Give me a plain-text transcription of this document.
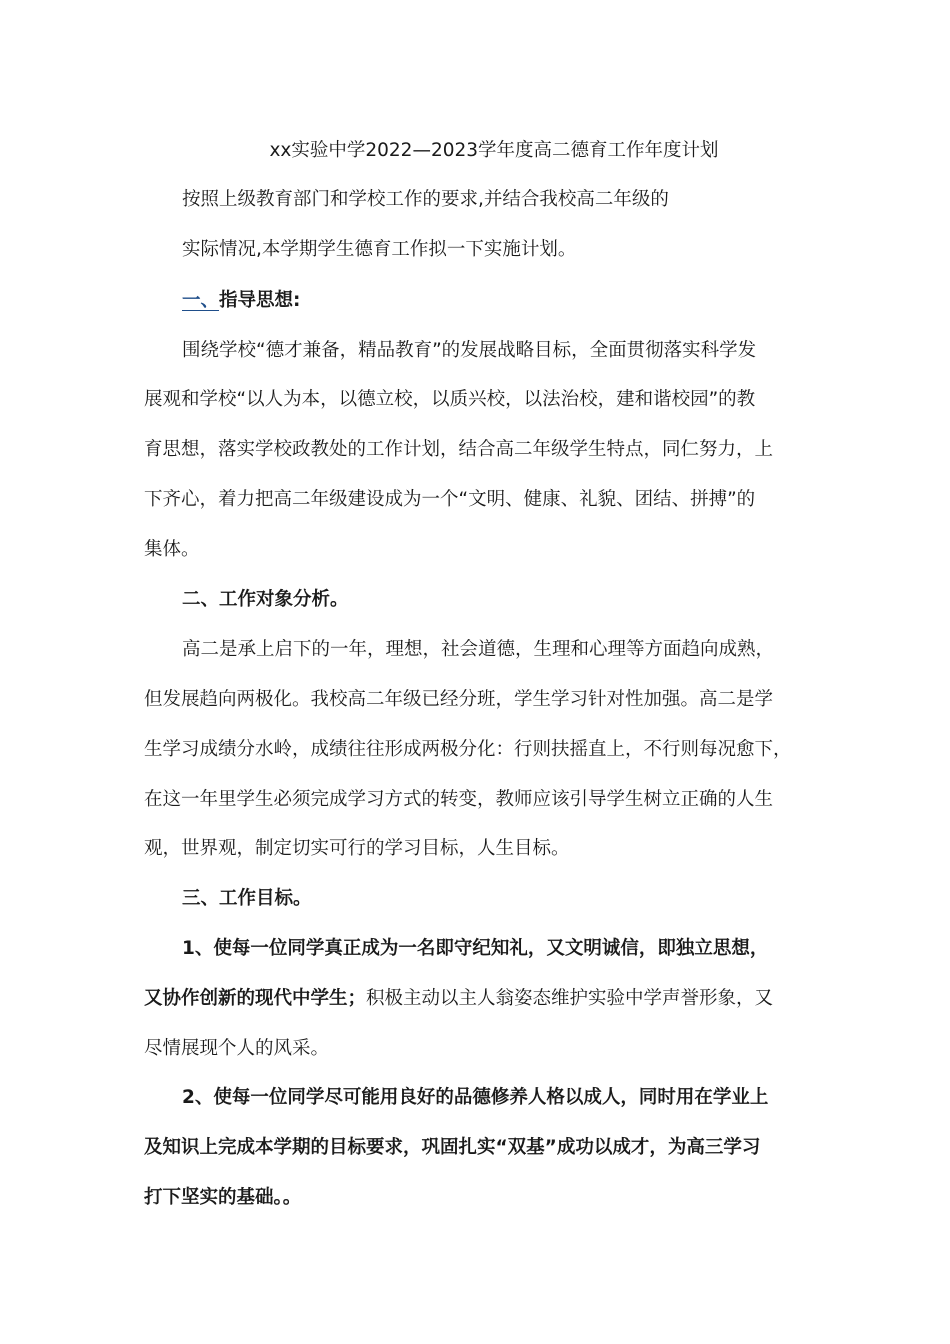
xx实验中学2022—2023学年度高二德育工作年度计划
按照上级教育部门和学校工作的要求,并结合我校高二年级的
实际情况,本学期学生德育工作拟一下实施计划。
一、指导思想:
围绕学校“德才兼备，精品教育”的发展战略目标，全面贯彻落实科学发
展观和学校“以人为本，以德立校，以质兴校，以法治校，建和谐校园”的教
育思想，落实学校政教处的工作计划，结合高二年级学生特点，同仁努力，上
下齐心，着力把高二年级建设成为一个“文明、健康、礼貌、团结、拼搏”的
集体。
二、工作对象分析。
高二是承上启下的一年，理想，社会道德，生理和心理等方面趋向成熟，
但发展趋向两极化。我校高二年级已经分班，学生学习针对性加强。高二是学
生学习成绩分水岭，成绩往往形成两极分化：行则扶摇直上，不行则每况愈下，
在这一年里学生必须完成学习方式的转变，教师应该引导学生树立正确的人生
观，世界观，制定切实可行的学习目标，人生目标。
三、工作目标。
1、使每一位同学真正成为一名即守纪知礼，又文明诚信，即独立思想，
又协作创新的现代中学生；积极主动以主人翁姿态维护实验中学声誉形象，又
尽情展现个人的风采。
2、使每一位同学尽可能用良好的品德修养人格以成人，同时用在学业上
及知识上完成本学期的目标要求，巩固扎实“双基”成功以成才，为高三学习
打下坚实的基础。。
